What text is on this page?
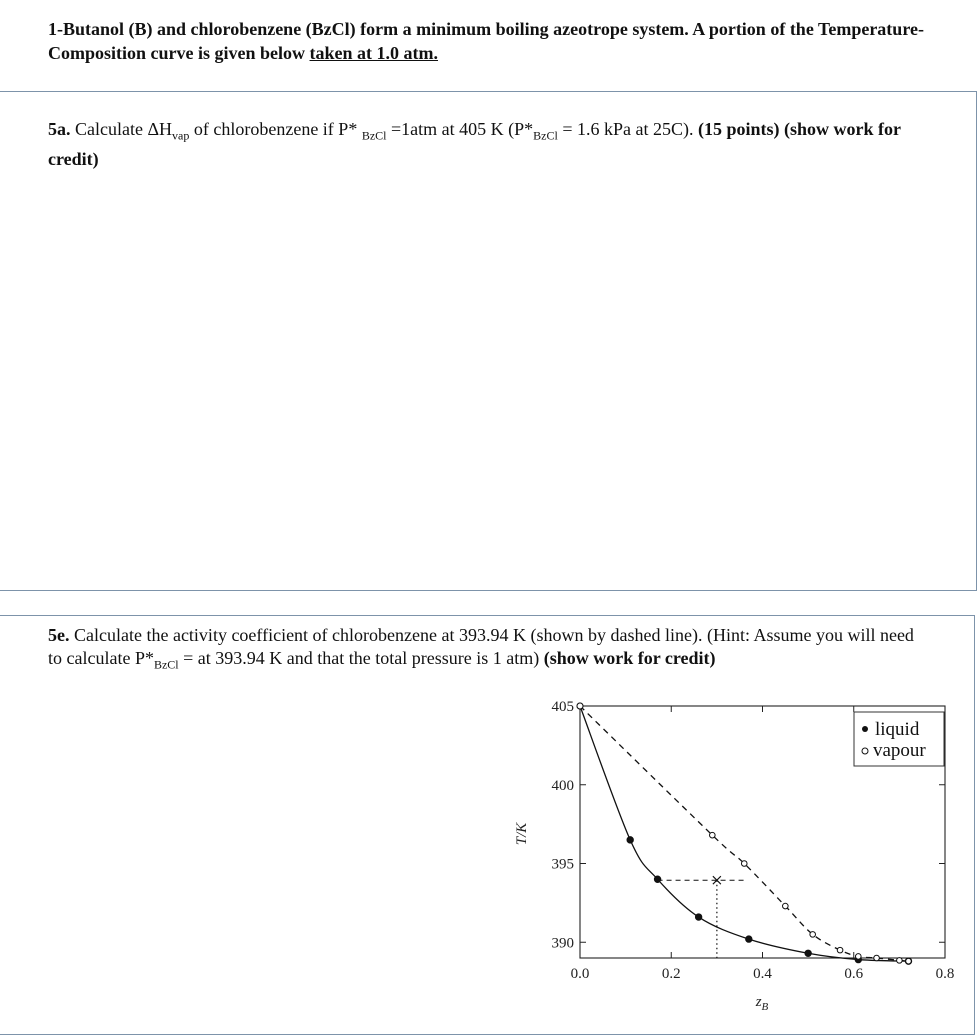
1-Butanol (B) and chlorobenzene (BzCl) form a minimum boiling azeotrope system. A portion of the Temperature-Composition curve is given below taken at 1.0 atm.
5a. Calculate $\Delta H_{vap}$ of chlorobenzene if P* $_{BzCl}$ =1atm at 405 K ($P*_{BzCl} = 1.6$ kPa at 25C). (15 points) (show work for credit)
5e. Calculate the activity coefficient of chlorobenzene at 393.94 K (shown by dashed line). (Hint: Assume you will need to calculate $P*_{BzCl}$ = at 393.94 K and that the total pressure is 1 atm) (show work for credit)
0.0	0.2	0.4	0.6	0.8
405
400
395
390
T/K
$z_B$
liquid
vapour
